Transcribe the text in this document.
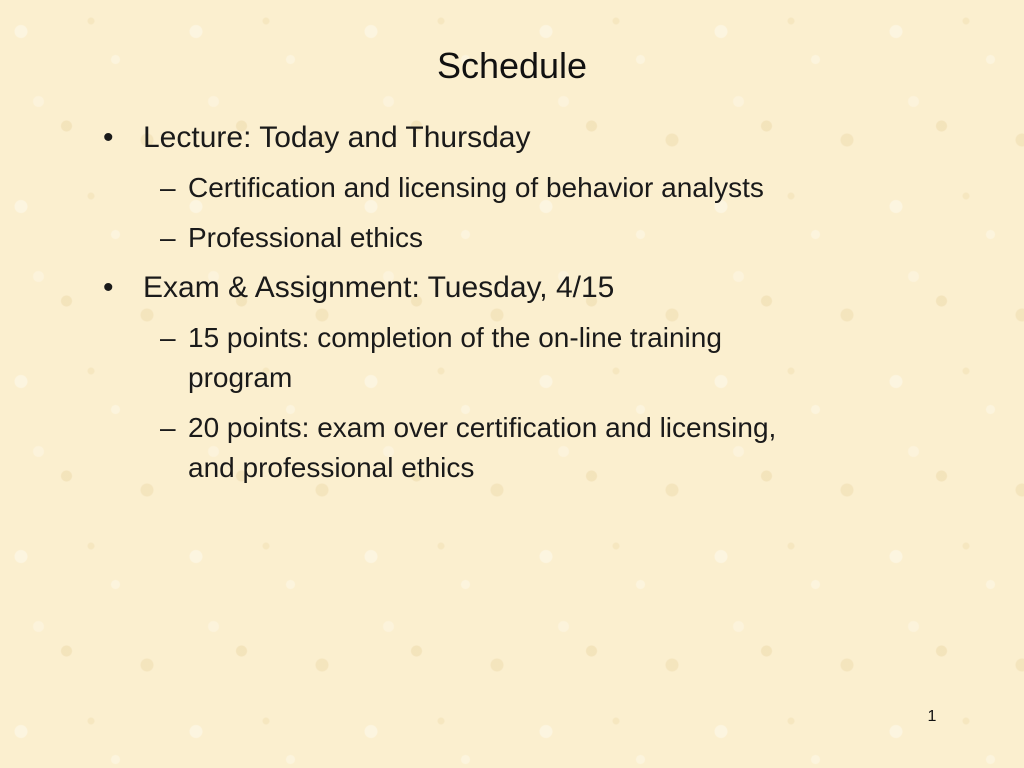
Schedule
• Lecture: Today and Thursday
– Certification and licensing of behavior analysts
– Professional ethics
• Exam & Assignment: Tuesday, 4/15
– 15 points: completion of the on-line training program
– 20 points: exam over certification and licensing, and professional ethics
1
